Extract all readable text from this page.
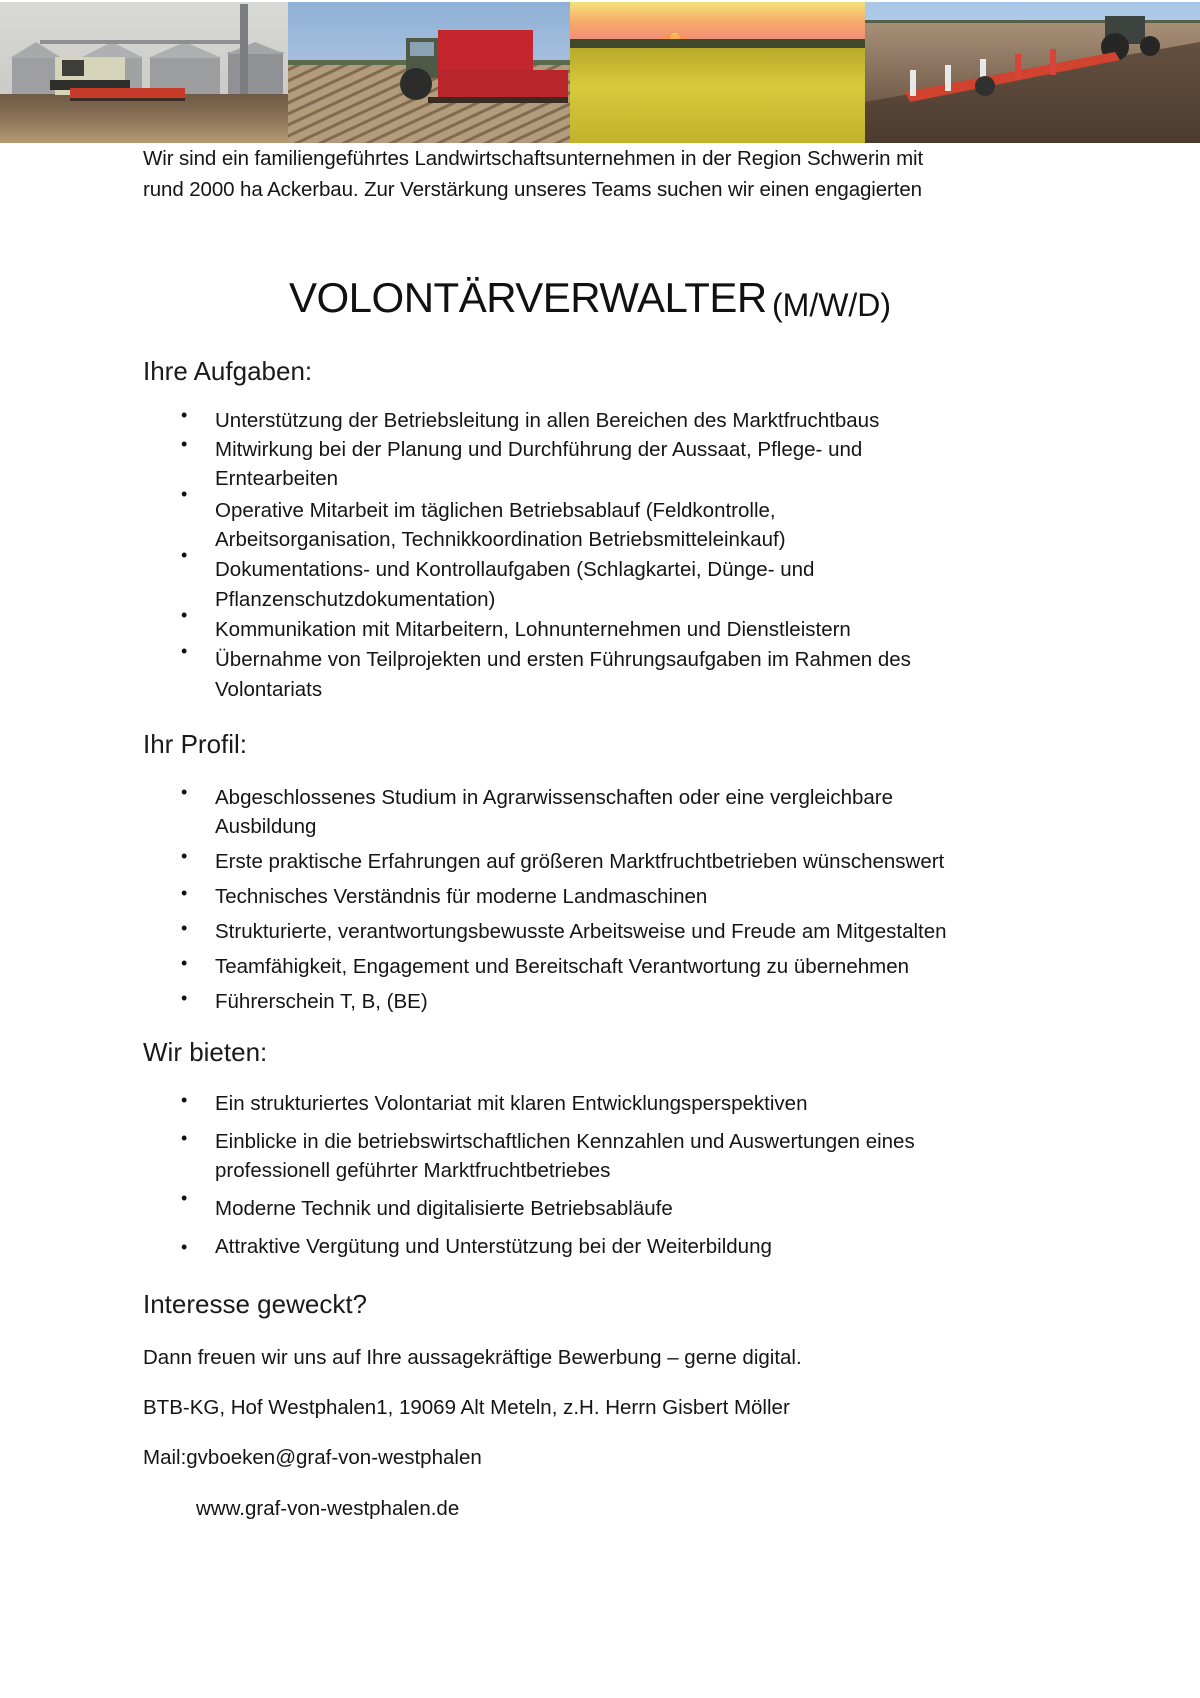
Wir sind ein familiengeführtes Landwirtschaftsunternehmen in der Region Schwerin mit
rund 2000 ha Ackerbau. Zur Verstärkung unseres Teams suchen wir einen engagierten
VOLONTÄRVERWALTER (M/W/D)
Ihre Aufgaben:
•
•
•
•
•
•
Unterstützung der Betriebsleitung in allen Bereichen des Marktfruchtbaus
Mitwirkung bei der Planung und Durchführung der Aussaat, Pflege- und
Erntearbeiten
Operative Mitarbeit im täglichen Betriebsablauf (Feldkontrolle,
Arbeitsorganisation, Technikkoordination Betriebsmitteleinkauf)
Dokumentations- und Kontrollaufgaben (Schlagkartei, Dünge- und
Pflanzenschutzdokumentation)
Kommunikation mit Mitarbeitern, Lohnunternehmen und Dienstleistern
Übernahme von Teilprojekten und ersten Führungsaufgaben im Rahmen des
Volontariats
Ihr Profil:
•
•
•
•
•
•
Abgeschlossenes Studium in Agrarwissenschaften oder eine vergleichbare
Ausbildung
Erste praktische Erfahrungen auf größeren Marktfruchtbetrieben wünschenswert
Technisches Verständnis für moderne Landmaschinen
Strukturierte, verantwortungsbewusste Arbeitsweise und Freude am Mitgestalten
Teamfähigkeit, Engagement und Bereitschaft Verantwortung zu übernehmen
Führerschein T, B, (BE)
Wir bieten:
•
•
•
•
Ein strukturiertes Volontariat mit klaren Entwicklungsperspektiven
Einblicke in die betriebswirtschaftlichen Kennzahlen und Auswertungen eines
professionell geführter Marktfruchtbetriebes
Moderne Technik und digitalisierte Betriebsabläufe
Attraktive Vergütung und Unterstützung bei der Weiterbildung
Interesse geweckt?
Dann freuen wir uns auf Ihre aussagekräftige Bewerbung – gerne digital.
BTB-KG, Hof Westphalen1, 19069 Alt Meteln, z.H. Herrn Gisbert Möller
Mail:gvboeken@graf-von-westphalen
www.graf-von-westphalen.de
